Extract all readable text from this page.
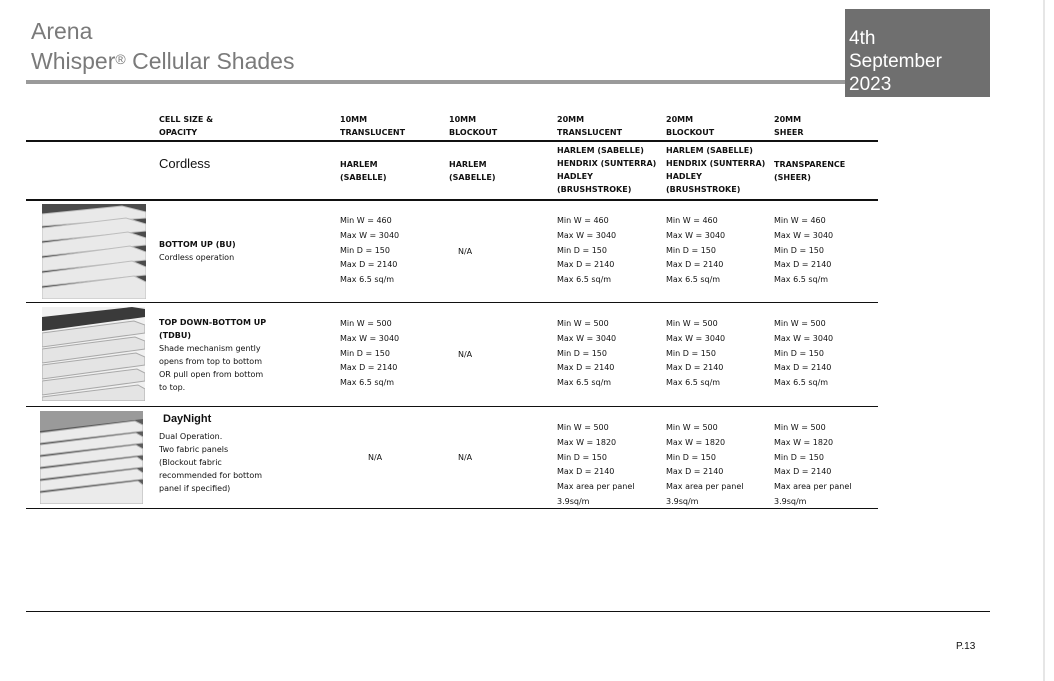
Arena
Whisper® Cellular Shades
4th
September
2023
CELL SIZE &
OPACITY
10MM
TRANSLUCENT
10MM
BLOCKOUT
20MM
TRANSLUCENT
20MM
BLOCKOUT
20MM
SHEER
Cordless	HARLEM
(SABELLE)
HARLEM
(SABELLE)
HARLEM (SABELLE)
HENDRIX (SUNTERRA)
HADLEY
(BRUSHSTROKE)
HARLEM (SABELLE)
HENDRIX (SUNTERRA)
HADLEY
(BRUSHSTROKE)
TRANSPARENCE
(SHEER)
BOTTOM UP (BU)
Cordless operation
Min W = 460
Max W = 3040
Min D = 150
Max D = 2140
Max 6.5 sq/m
N/A
Min W = 460
Max W = 3040
Min D = 150
Max D = 2140
Max 6.5 sq/m
Min W = 460
Max W = 3040
Min D = 150
Max D = 2140
Max 6.5 sq/m
Min W = 460
Max W = 3040
Min D = 150
Max D = 2140
Max 6.5 sq/m
TOP DOWN-BOTTOM UP
(TDBU)
Shade mechanism gently
opens from top to bottom
OR pull open from bottom
to top.
Min W = 500
Max W = 3040
Min D = 150
Max D = 2140
Max 6.5 sq/m
N/A
Min W = 500
Max W = 3040
Min D = 150
Max D = 2140
Max 6.5 sq/m
Min W = 500
Max W = 3040
Min D = 150
Max D = 2140
Max 6.5 sq/m
Min W = 500
Max W = 3040
Min D = 150
Max D = 2140
Max 6.5 sq/m
DayNight
Dual Operation.
Two fabric panels
(Blockout fabric
recommended for bottom
panel if specified)
N/A	N/A
Min W = 500
Max W = 1820
Min D = 150
Max D = 2140
Max area per panel
3.9sq/m
Min W = 500
Max W = 1820
Min D = 150
Max D = 2140
Max area per panel
3.9sq/m
Min W = 500
Max W = 1820
Min D = 150
Max D = 2140
Max area per panel
3.9sq/m
P.13
